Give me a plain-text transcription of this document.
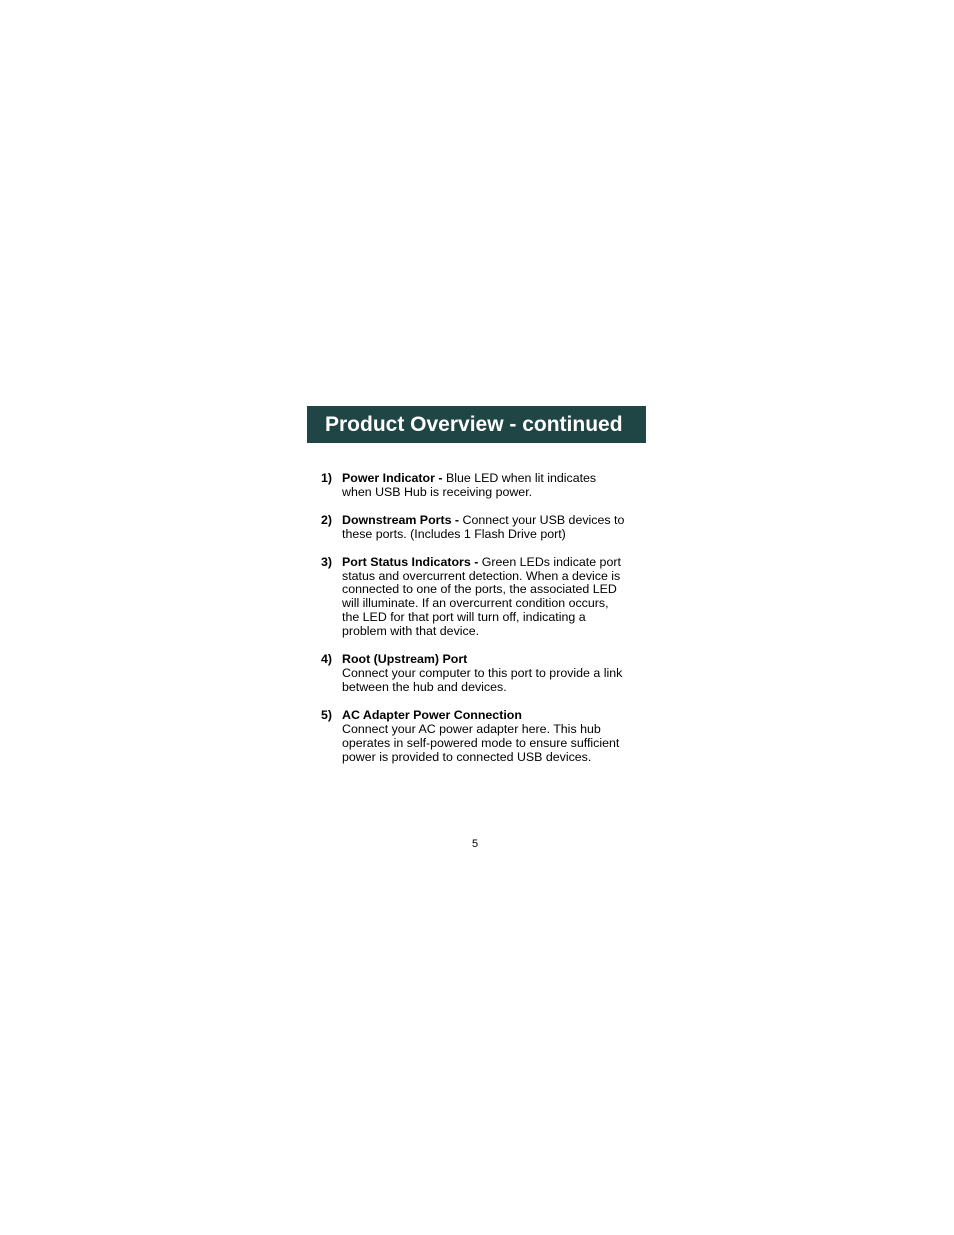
Product Overview - continued
1) Power Indicator - Blue LED when lit indicates
when USB Hub is receiving power.
2) Downstream Ports - Connect your USB devices to
these ports. (Includes 1 Flash Drive port)
3) Port Status Indicators - Green LEDs indicate port
status and overcurrent detection. When a device is
connected to one of the ports, the associated LED
will illuminate. If an overcurrent condition occurs,
the LED for that port will turn off, indicating a
problem with that device.
4) Root (Upstream) Port
Connect your computer to this port to provide a link
between the hub and devices.
5) AC Adapter Power Connection
Connect your AC power adapter here. This hub
operates in self-powered mode to ensure sufficient
power is provided to connected USB devices.
5
